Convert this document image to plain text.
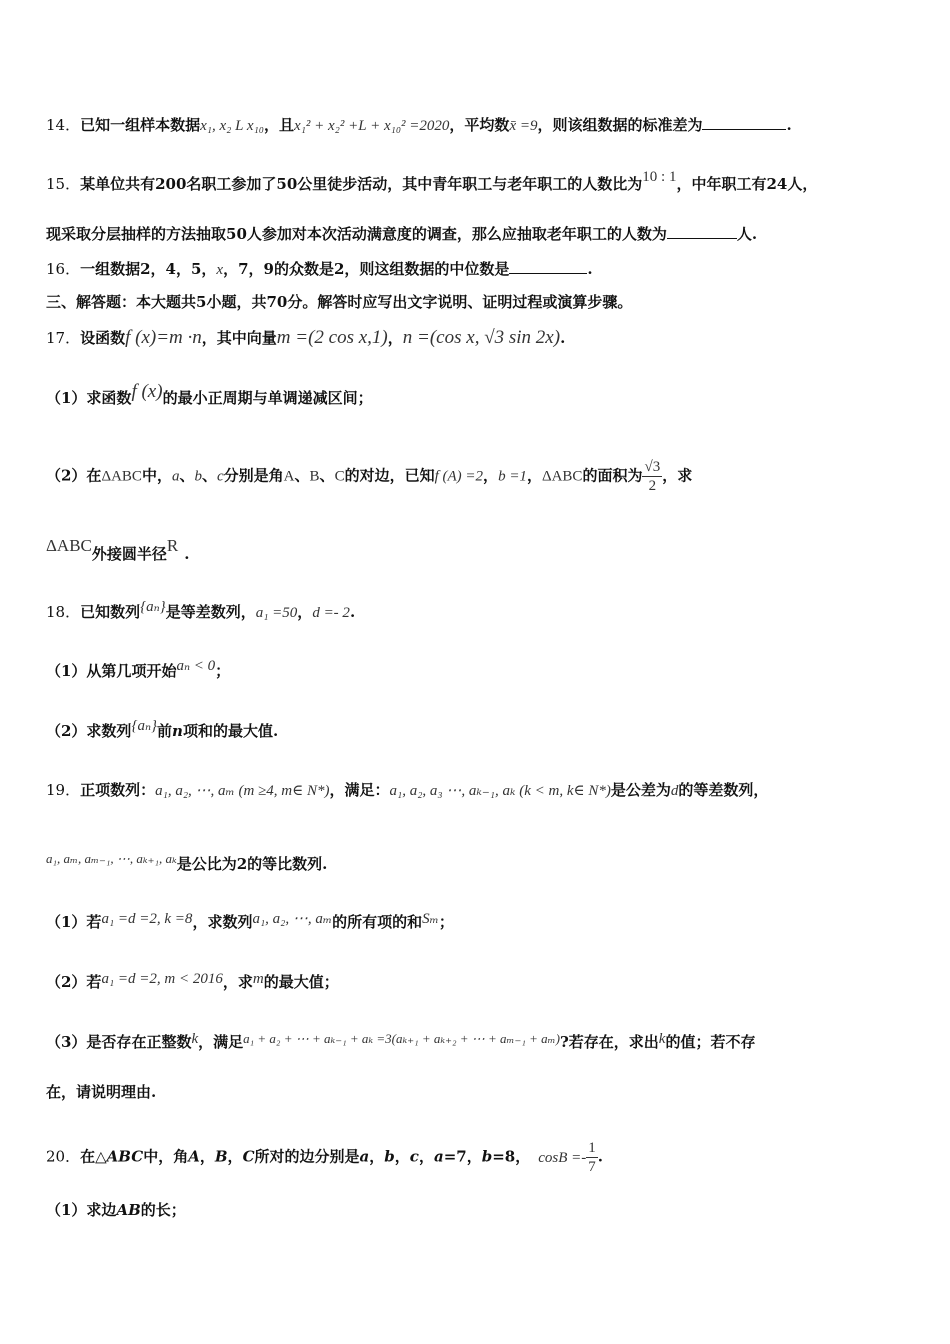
14．已知一组样本数据x₁, x₂ L x₁₀，且x₁² + x₂² +L + x₁₀² =2020，平均数x̄ =9，则该组数据的标准差为	.
15．某单位共有200名职工参加了50公里徒步活动，其中青年职工与老年职工的人数比为10 : 1，中年职工有24人，
现采取分层抽样的方法抽取50人参加对本次活动满意度的调查，那么应抽取老年职工的人数为	人.
16．一组数据2，4，5，x，7，9的众数是2，则这组数据的中位数是	.
三、解答题：本大题共5小题，共70分。解答时应写出文字说明、证明过程或演算步骤。
17．设函数f (x)=m ·n，其中向量m =(2 cos x,1)，n =(cos x, √3 sin 2x).
（1）求函数f (x)的最小正周期与单调递减区间；
（2）在ΔABC中，a、b、c分别是角A、B、C的对边，已知f (A) =2，b =1，ΔABC的面积为 $\frac{√3}{2}$ ，求
ΔABC外接圆半径R .
18．已知数列{aₙ}是等差数列，a₁ =50，d =- 2.
（1）从第几项开始aₙ < 0；
（2）求数列{aₙ}前n项和的最大值.
19．正项数列：a₁, a₂, ⋯, aₘ (m ≥4, m∈ N*)，满足：a₁, a₂, a₃ ⋯, aₖ₋₁, aₖ (k < m, k∈ N*)是公差为d的等差数列，
a₁, aₘ, aₘ₋₁, ⋯, aₖ₊₁, aₖ是公比为2的等比数列.
（1）若a₁ =d =2, k =8，求数列a₁, a₂, ⋯, aₘ的所有项的和Sₘ；
（2）若a₁ =d =2, m < 2016，求m的最大值；
（3）是否存在正整数k，满足a₁ + a₂ + ⋯ + aₖ₋₁ + aₖ =3(aₖ₊₁ + aₖ₊₂ + ⋯ + aₘ₋₁ + aₘ)?若存在，求出k的值；若不存
在，请说明理由.
20．在△ABC中，角A，B，C所对的边分别是a，b，c，a=7，b=8， $\cos B =- \frac{1}{7}$ .
（1）求边AB的长；
